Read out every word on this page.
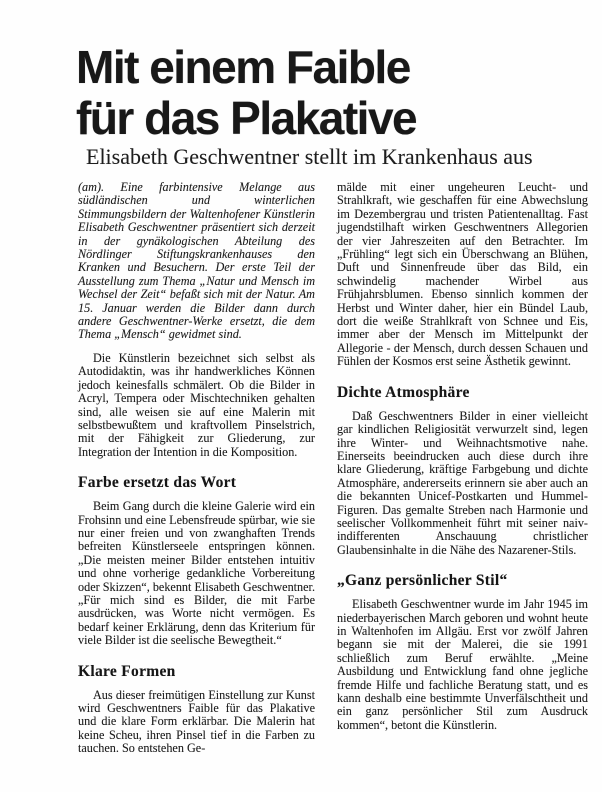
Mit einem Faible
für das Plakative
Elisabeth Geschwentner stellt im Krankenhaus aus

(am). Eine farbintensive Melange aus südländischen und winterlichen Stimmungsbildern der Waltenhofener Künstlerin Elisabeth Geschwentner präsentiert sich derzeit in der gynäkologischen Abteilung des Nördlinger Stiftungskrankenhauses den Kranken und Besuchern. Der erste Teil der Ausstellung zum Thema „Natur und Mensch im Wechsel der Zeit“ befaßt sich mit der Natur. Am 15. Januar werden die Bilder dann durch andere Geschwentner-Werke ersetzt, die dem Thema „Mensch“ gewidmet sind.

Die Künstlerin bezeichnet sich selbst als Autodidaktin, was ihr handwerkliches Können jedoch keinesfalls schmälert. Ob die Bilder in Acryl, Tempera oder Mischtechniken gehalten sind, alle weisen sie auf eine Malerin mit selbstbewußtem und kraftvollem Pinselstrich, mit der Fähigkeit zur Gliederung, zur Integration der Intention in die Komposition.

Farbe ersetzt das Wort

Beim Gang durch die kleine Galerie wird ein Frohsinn und eine Lebensfreude spürbar, wie sie nur einer freien und von zwanghaften Trends befreiten Künstlerseele entspringen können. „Die meisten meiner Bilder entstehen intuitiv und ohne vorherige gedankliche Vorbereitung oder Skizzen“, bekennt Elisabeth Geschwentner. „Für mich sind es Bilder, die mit Farbe ausdrücken, was Worte nicht vermögen. Es bedarf keiner Erklärung, denn das Kriterium für viele Bilder ist die seelische Bewegtheit.“

Klare Formen

Aus dieser freimütigen Einstellung zur Kunst wird Geschwentners Faible für das Plakative und die klare Form erklärbar. Die Malerin hat keine Scheu, ihren Pinsel tief in die Farben zu tauchen. So entstehen Ge-

mälde mit einer ungeheuren Leucht- und Strahlkraft, wie geschaffen für eine Abwechslung im Dezembergrau und tristen Patientenalltag. Fast jugendstilhaft wirken Geschwentners Allegorien der vier Jahreszeiten auf den Betrachter. Im „Frühling“ legt sich ein Überschwang an Blühen, Duft und Sinnenfreude über das Bild, ein schwindelig machender Wirbel aus Frühjahrsblumen. Ebenso sinnlich kommen der Herbst und Winter daher, hier ein Bündel Laub, dort die weiße Strahlkraft von Schnee und Eis, immer aber der Mensch im Mittelpunkt der Allegorie - der Mensch, durch dessen Schauen und Fühlen der Kosmos erst seine Ästhetik gewinnt.

Dichte Atmosphäre

Daß Geschwentners Bilder in einer vielleicht gar kindlichen Religiosität verwurzelt sind, legen ihre Winter- und Weihnachtsmotive nahe. Einerseits beeindrucken auch diese durch ihre klare Gliederung, kräftige Farbgebung und dichte Atmosphäre, andererseits erinnern sie aber auch an die bekannten Unicef-Postkarten und Hummel-Figuren. Das gemalte Streben nach Harmonie und seelischer Vollkommenheit führt mit seiner naiv-indifferenten Anschauung christlicher Glaubensinhalte in die Nähe des Nazarener-Stils.

„Ganz persönlicher Stil“

Elisabeth Geschwentner wurde im Jahr 1945 im niederbayerischen March geboren und wohnt heute in Waltenhofen im Allgäu. Erst vor zwölf Jahren begann sie mit der Malerei, die sie 1991 schließlich zum Beruf erwählte. „Meine Ausbildung und Entwicklung fand ohne jegliche fremde Hilfe und fachliche Beratung statt, und es kann deshalb eine bestimmte Unverfälschtheit und ein ganz persönlicher Stil zum Ausdruck kommen“, betont die Künstlerin.
